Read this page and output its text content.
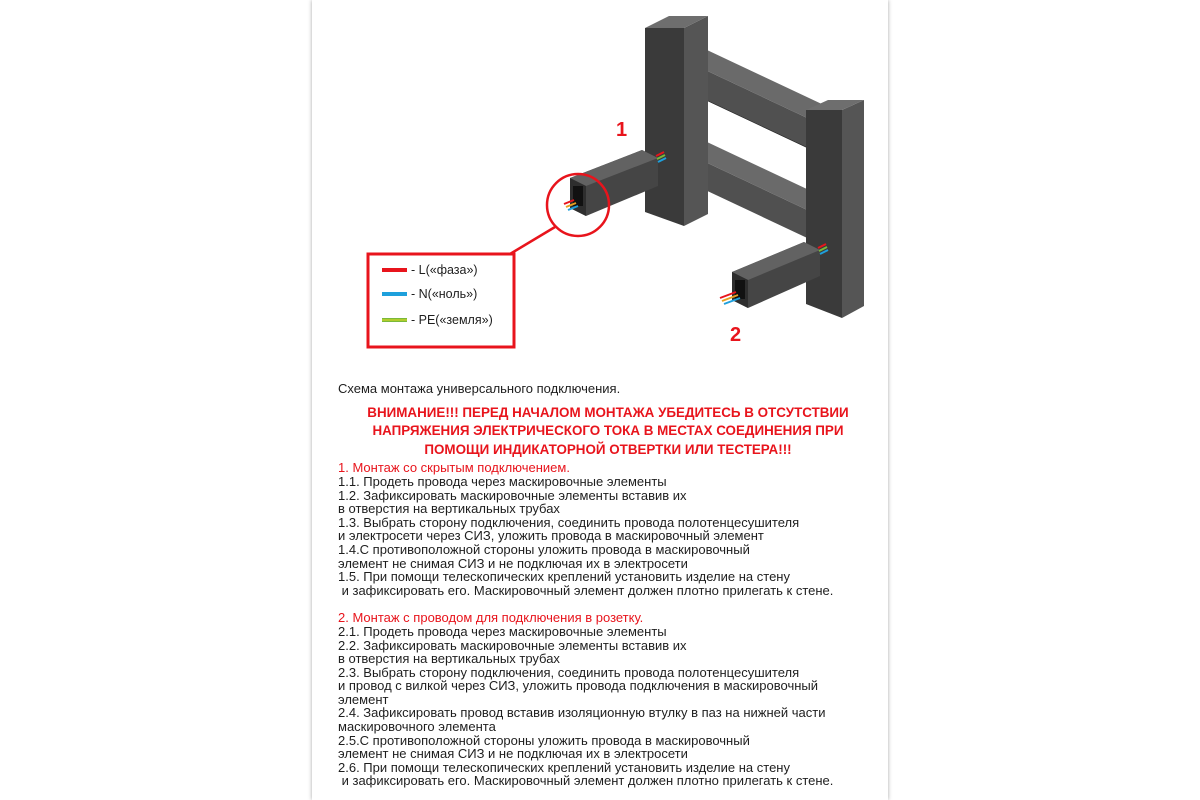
- L(«фаза»)
- N(«ноль»)
- PE(«земля»)
1
2

Схема монтажа универсального подключения.

ВНИМАНИЕ!!! ПЕРЕД НАЧАЛОМ МОНТАЖА УБЕДИТЕСЬ В ОТСУТСТВИИ

НАПРЯЖЕНИЯ ЭЛЕКТРИЧЕСКОГО ТОКА В МЕСТАХ СОЕДИНЕНИЯ ПРИ

ПОМОЩИ ИНДИКАТОРНОЙ ОТВЕРТКИ ИЛИ ТЕСТЕРА!!!

1. Монтаж со скрытым подключением.

1.1. Продеть провода через маскировочные элементы

1.2. Зафиксировать маскировочные элементы вставив их

в отверстия на вертикальных трубах

1.3. Выбрать сторону подключения, соединить провода полотенцесушителя

и электросети через СИЗ, уложить провода в маскировочный элемент

1.4.С противоположной стороны уложить провода в маскировочный

элемент не снимая СИЗ и не подключая их в электросети

1.5. При помощи телескопических креплений установить изделие на стену

и зафиксировать его. Маскировочный элемент должен плотно прилегать к стене.

2. Монтаж с проводом для подключения в розетку.

2.1. Продеть провода через маскировочные элементы

2.2. Зафиксировать маскировочные элементы вставив их

в отверстия на вертикальных трубах

2.3. Выбрать сторону подключения, соединить провода полотенцесушителя

и провод с вилкой через СИЗ, уложить провода подключения в маскировочный

элемент

2.4. Зафиксировать провод вставив изоляционную втулку в паз на нижней части

маскировочного элемента

2.5.С противоположной стороны уложить провода в маскировочный

элемент не снимая СИЗ и не подключая их в электросети

2.6. При помощи телескопических креплений установить изделие на стену

и зафиксировать его. Маскировочный элемент должен плотно прилегать к стене.
